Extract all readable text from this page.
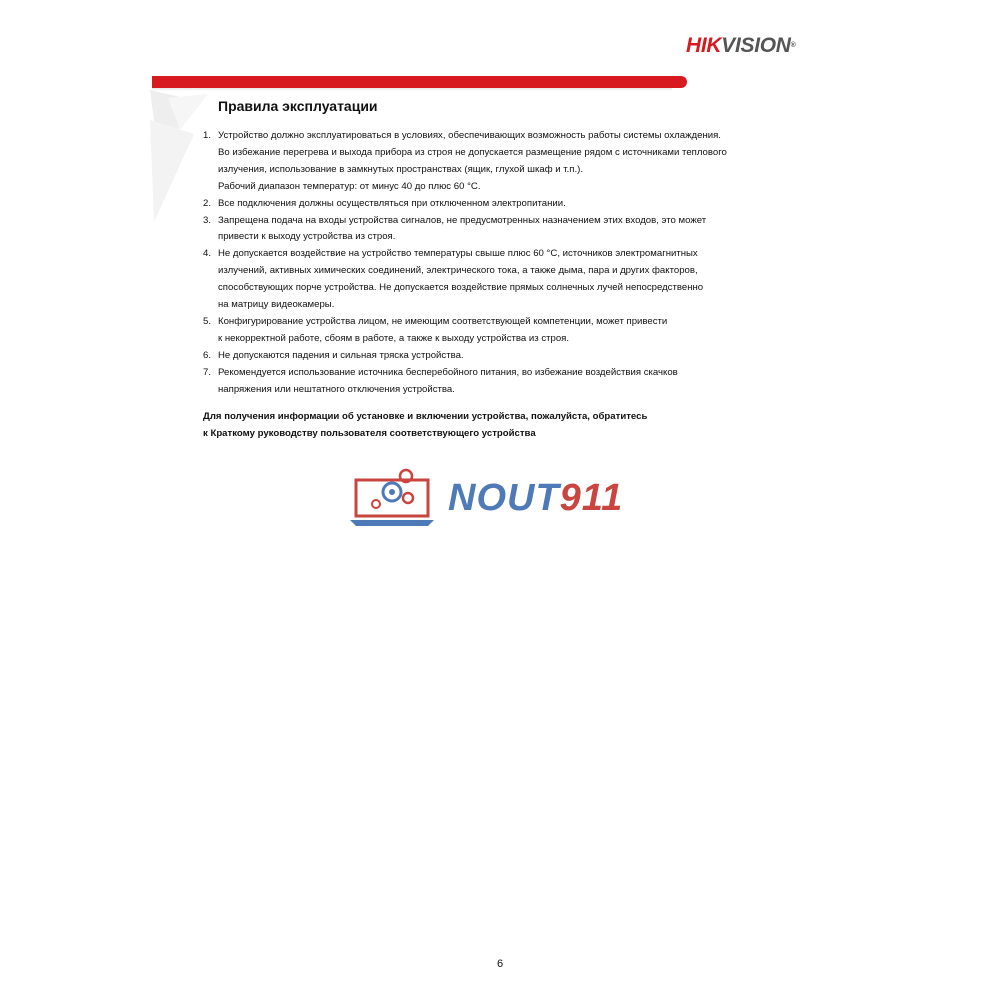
HIKVISION®
Правила эксплуатации
1. Устройство должно эксплуатироваться в условиях, обеспечивающих возможность работы системы охлаждения.
Во избежание перегрева и выхода прибора из строя не допускается размещение рядом с источниками теплового
излучения, использование в замкнутых пространствах (ящик, глухой шкаф и т.п.).
Рабочий диапазон температур: от минус 40 до плюс 60 °C.
2. Все подключения должны осуществляться при отключенном электропитании.
3. Запрещена подача на входы устройства сигналов, не предусмотренных назначением этих входов, это может
привести к выходу устройства из строя.
4. Не допускается воздействие на устройство температуры свыше плюс 60 °C, источников электромагнитных
излучений, активных химических соединений, электрического тока, а также дыма, пара и других факторов,
способствующих порче устройства. Не допускается воздействие прямых солнечных лучей непосредственно
на матрицу видеокамеры.
5. Конфигурирование устройства лицом, не имеющим соответствующей компетенции, может привести
к некорректной работе, сбоям в работе, а также к выходу устройства из строя.
6. Не допускаются падения и сильная тряска устройства.
7. Рекомендуется использование источника бесперебойного питания, во избежание воздействия скачков
напряжения или нештатного отключения устройства.
Для получения информации об установке и включении устройства, пожалуйста, обратитесь
к Краткому руководству пользователя соответствующего устройства
NOUT911
6
